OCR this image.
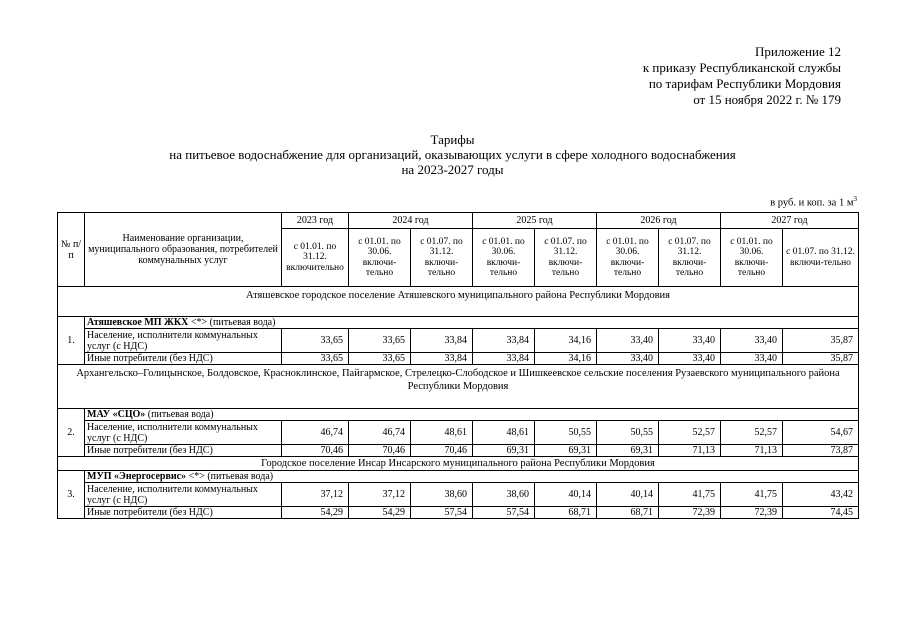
Приложение 12
к приказу Республиканской службы
по тарифам Республики Мордовия
от 15 ноября 2022 г. № 179
Тарифы
на питьевое водоснабжение для организаций, оказывающих услуги в сфере холодного водоснабжения
на 2023-2027 годы
в руб. и коп. за 1 $м^3$
№ п/п	Наименование организации, муниципального образования, потребителей коммунальных услуг	2023 год	2024 год		2025 год		2026 год		2027 год	
		с 01.01. по 31.12. включительно	с 01.01. по 30.06. включи-тельно	с 01.07. по 31.12. включи-тельно	с 01.01. по 30.06. включи-тельно	с 01.07. по 31.12. включи-тельно	с 01.01. по 30.06. включи-тельно	с 01.07. по 31.12. включи-тельно	с 01.01. по 30.06. включи-тельно	с 01.07. по 31.12. включи-тельно
Атяшевское городское поселение Атяшевского муниципального района Республики Мордовия										
1.	Атяшевское МП ЖКХ <*> (питьевая вода)									
	Население, исполнители коммунальных услуг (с НДС)	33,65	33,65	33,84	33,84	34,16	33,40	33,40	33,40	35,87
	Иные потребители (без НДС)	33,65	33,65	33,84	33,84	34,16	33,40	33,40	33,40	35,87
Архангельско–Голицынское, Болдовское, Красноклинское, Пайгармское, Стрелецко-Слободское и Шишкеевское сельские поселения Рузаевского муниципального района Республики Мордовия										
2.	МАУ «СЦО» (питьевая вода)									
	Население, исполнители коммунальных услуг (с НДС)	46,74	46,74	48,61	48,61	50,55	50,55	52,57	52,57	54,67
	Иные потребители (без НДС)	70,46	70,46	70,46	69,31	69,31	69,31	71,13	71,13	73,87
Городское поселение Инсар Инсарского муниципального района Республики Мордовия										
3.	МУП «Энергосервис» <*> (питьевая вода)									
	Население, исполнители коммунальных услуг (с НДС)	37,12	37,12	38,60	38,60	40,14	40,14	41,75	41,75	43,42
	Иные потребители (без НДС)	54,29	54,29	57,54	57,54	68,71	68,71	72,39	72,39	74,45
